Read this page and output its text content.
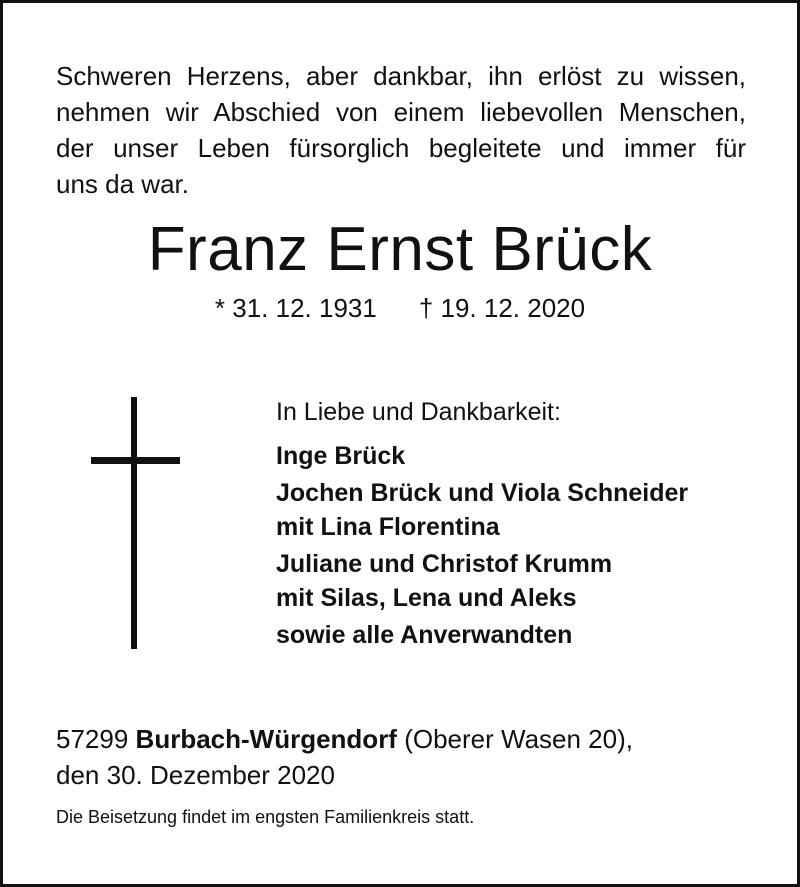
Schweren Herzens, aber dankbar, ihn erlöst zu wissen,
nehmen wir Abschied von einem liebevollen Menschen,
der unser Leben fürsorglich begleitete und immer für
uns da war.
Franz Ernst Brück
* 31. 12. 1931 † 19. 12. 2020
In Liebe und Dankbarkeit:
Inge Brück
Jochen Brück und Viola Schneider
mit Lina Florentina
Juliane und Christof Krumm
mit Silas, Lena und Aleks
sowie alle Anverwandten
57299 Burbach-Würgendorf (Oberer Wasen 20),
den 30. Dezember 2020
Die Beisetzung findet im engsten Familienkreis statt.
